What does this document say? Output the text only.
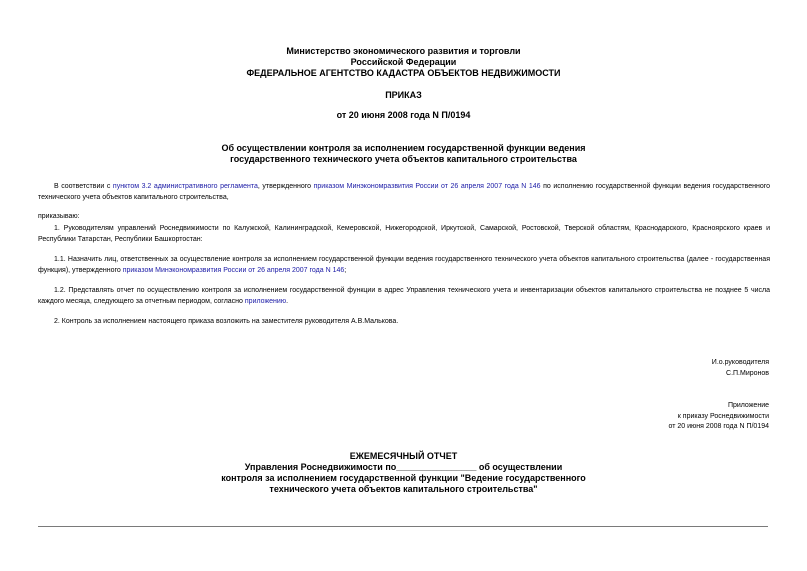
Министерство экономического развития и торговли
Российской Федерации
ФЕДЕРАЛЬНОЕ АГЕНТСТВО КАДАСТРА ОБЪЕКТОВ НЕДВИЖИМОСТИ
ПРИКАЗ
от 20 июня 2008 года N П/0194
Об осуществлении контроля за исполнением государственной функции ведения
государственного технического учета объектов капитального строительства
В соответствии с пунктом 3.2 административного регламента, утвержденного приказом Минэкономразвития России от 26 апреля 2007 года N 146 по исполнению государственной функции ведения государственного технического учета объектов капитального строительства,
приказываю:
1. Руководителям управлений Роснедвижимости по Калужской, Калининградской, Кемеровской, Нижегородской, Иркутской, Самарской, Ростовской, Тверской областям, Краснодарского, Красноярского краев и Республики Татарстан, Республики Башкортостан:
1.1. Назначить лиц, ответственных за осуществление контроля за исполнением государственной функции ведения государственного технического учета объектов капитального строительства (далее - государственная функция), утвержденного приказом Минэкономразвития России от 26 апреля 2007 года N 146;
1.2. Представлять отчет по осуществлению контроля за исполнением государственной функции в адрес Управления технического учета и инвентаризации объектов капитального строительства не позднее 5 числа каждого месяца, следующего за отчетным периодом, согласно приложению.
2. Контроль за исполнением настоящего приказа возложить на заместителя руководителя А.В.Малькова.
И.о.руководителя
С.П.Миронов
Приложение
к приказу Роснедвижимости
от 20 июня 2008 года N П/0194
ЕЖЕМЕСЯЧНЫЙ ОТЧЕТ
Управления Роснедвижимости по________________ об осуществлении
контроля за исполнением государственной функции "Ведение государственного
технического учета объектов капитального строительства"
